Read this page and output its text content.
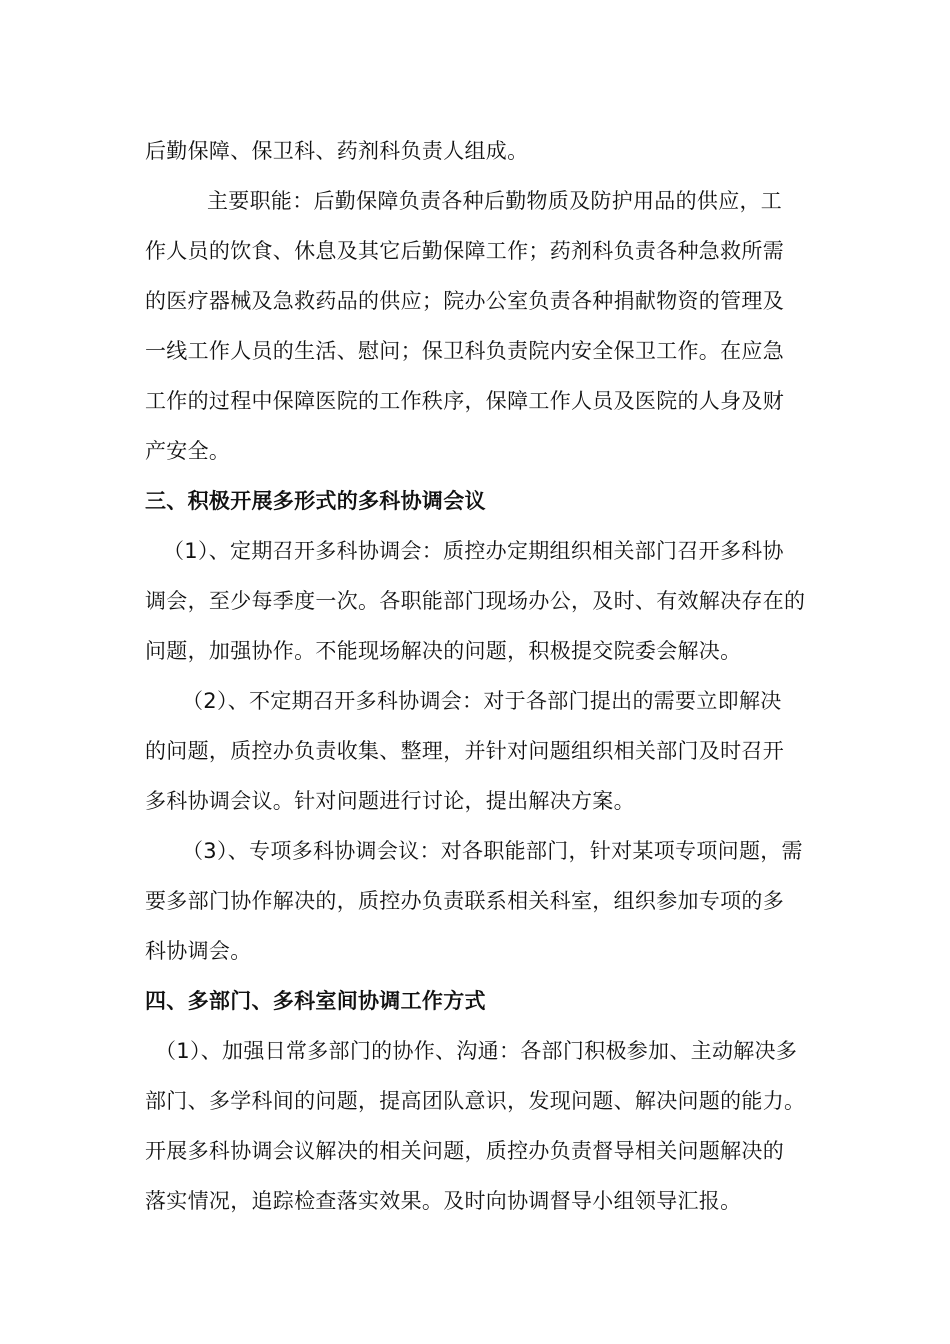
后勤保障、保卫科、药剂科负责人组成。
主要职能：后勤保障负责各种后勤物质及防护用品的供应，工
作人员的饮食、休息及其它后勤保障工作；药剂科负责各种急救所需
的医疗器械及急救药品的供应；院办公室负责各种捐献物资的管理及
一线工作人员的生活、慰问；保卫科负责院内安全保卫工作。在应急
工作的过程中保障医院的工作秩序，保障工作人员及医院的人身及财
产安全。
三、积极开展多形式的多科协调会议
（1）、定期召开多科协调会：质控办定期组织相关部门召开多科协
调会，至少每季度一次。各职能部门现场办公，及时、有效解决存在的
问题，加强协作。不能现场解决的问题，积极提交院委会解决。
（2）、不定期召开多科协调会：对于各部门提出的需要立即解决
的问题，质控办负责收集、整理，并针对问题组织相关部门及时召开
多科协调会议。针对问题进行讨论，提出解决方案。
（3）、专项多科协调会议：对各职能部门，针对某项专项问题，需
要多部门协作解决的，质控办负责联系相关科室，组织参加专项的多
科协调会。
四、多部门、多科室间协调工作方式
（1）、加强日常多部门的协作、沟通：各部门积极参加、主动解决多
部门、多学科间的问题，提高团队意识，发现问题、解决问题的能力。
开展多科协调会议解决的相关问题，质控办负责督导相关问题解决的
落实情况，追踪检查落实效果。及时向协调督导小组领导汇报。
